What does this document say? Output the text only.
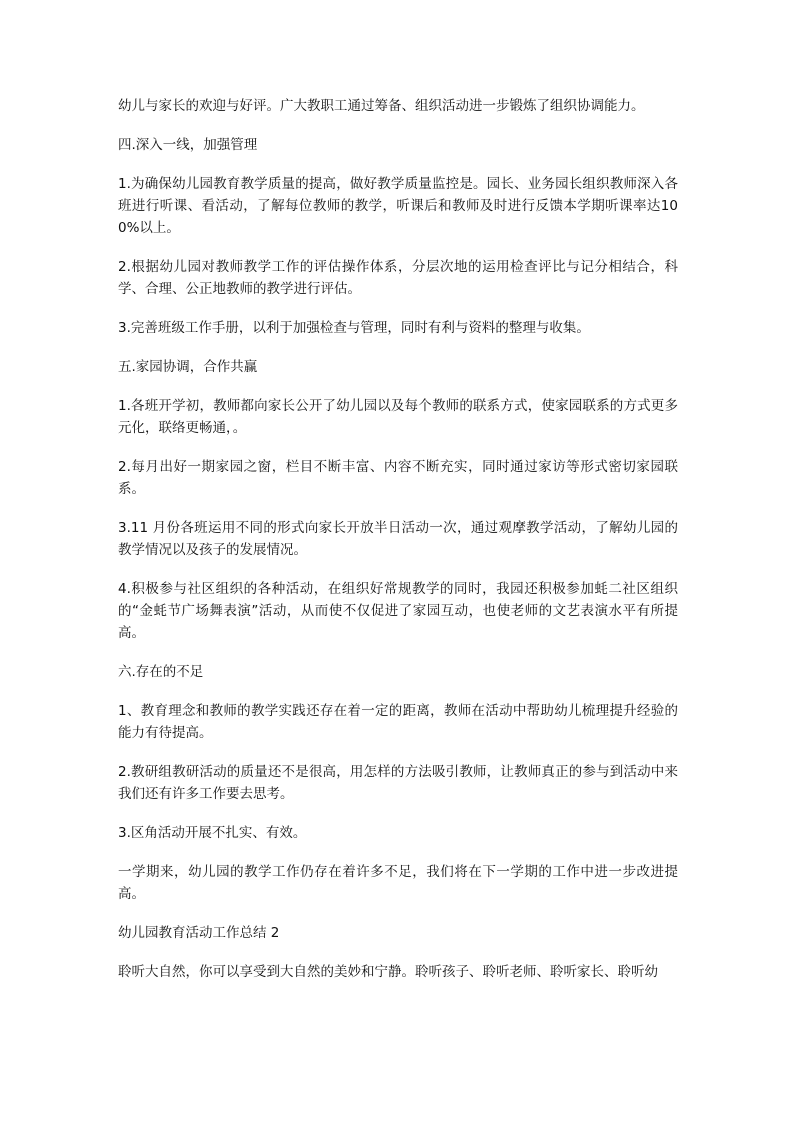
幼儿与家长的欢迎与好评。广大教职工通过筹备、组织活动进一步锻炼了组织协调能力。

四.深入一线，加强管理

1.为确保幼儿园教育教学质量的提高，做好教学质量监控是。园长、业务园长组织教师深入各班进行听课、看活动，了解每位教师的教学，听课后和教师及时进行反馈本学期听课率达100%以上。

2.根据幼儿园对教师教学工作的评估操作体系，分层次地的运用检查评比与记分相结合，科学、合理、公正地教师的教学进行评估。

3.完善班级工作手册，以利于加强检查与管理，同时有利与资料的整理与收集。

五.家园协调，合作共赢

1.各班开学初，教师都向家长公开了幼儿园以及每个教师的联系方式，使家园联系的方式更多元化，联络更畅通，。

2.每月出好一期家园之窗，栏目不断丰富、内容不断充实，同时通过家访等形式密切家园联系。

3.11 月份各班运用不同的形式向家长开放半日活动一次，通过观摩教学活动，了解幼儿园的教学情况以及孩子的发展情况。

4.积极参与社区组织的各种活动，在组织好常规教学的同时，我园还积极参加蚝二社区组织的“金蚝节广场舞表演”活动，从而使不仅促进了家园互动，也使老师的文艺表演水平有所提高。

六.存在的不足

1、教育理念和教师的教学实践还存在着一定的距离，教师在活动中帮助幼儿梳理提升经验的能力有待提高。

2.教研组教研活动的质量还不是很高，用怎样的方法吸引教师，让教师真正的参与到活动中来我们还有许多工作要去思考。

3.区角活动开展不扎实、有效。

一学期来，幼儿园的教学工作仍存在着许多不足，我们将在下一学期的工作中进一步改进提高。

幼儿园教育活动工作总结 2

聆听大自然，你可以享受到大自然的美妙和宁静。聆听孩子、聆听老师、聆听家长、聆听幼
